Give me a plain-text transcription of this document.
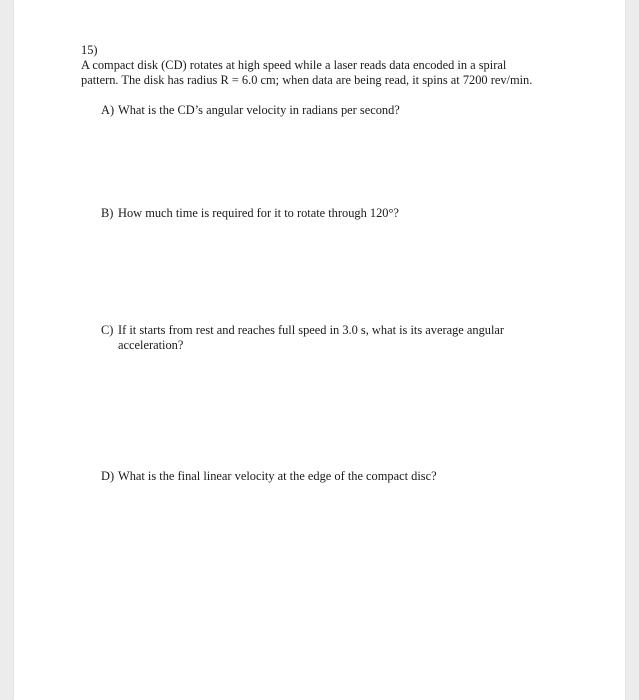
15)
A compact disk (CD) rotates at high speed while a laser reads data encoded in a spiral
pattern. The disk has radius R = 6.0 cm; when data are being read, it spins at 7200 rev/min.
A) What is the CD’s angular velocity in radians per second?
B) How much time is required for it to rotate through 120°?
C) If it starts from rest and reaches full speed in 3.0 s, what is its average angular
acceleration?
D) What is the final linear velocity at the edge of the compact disc?
